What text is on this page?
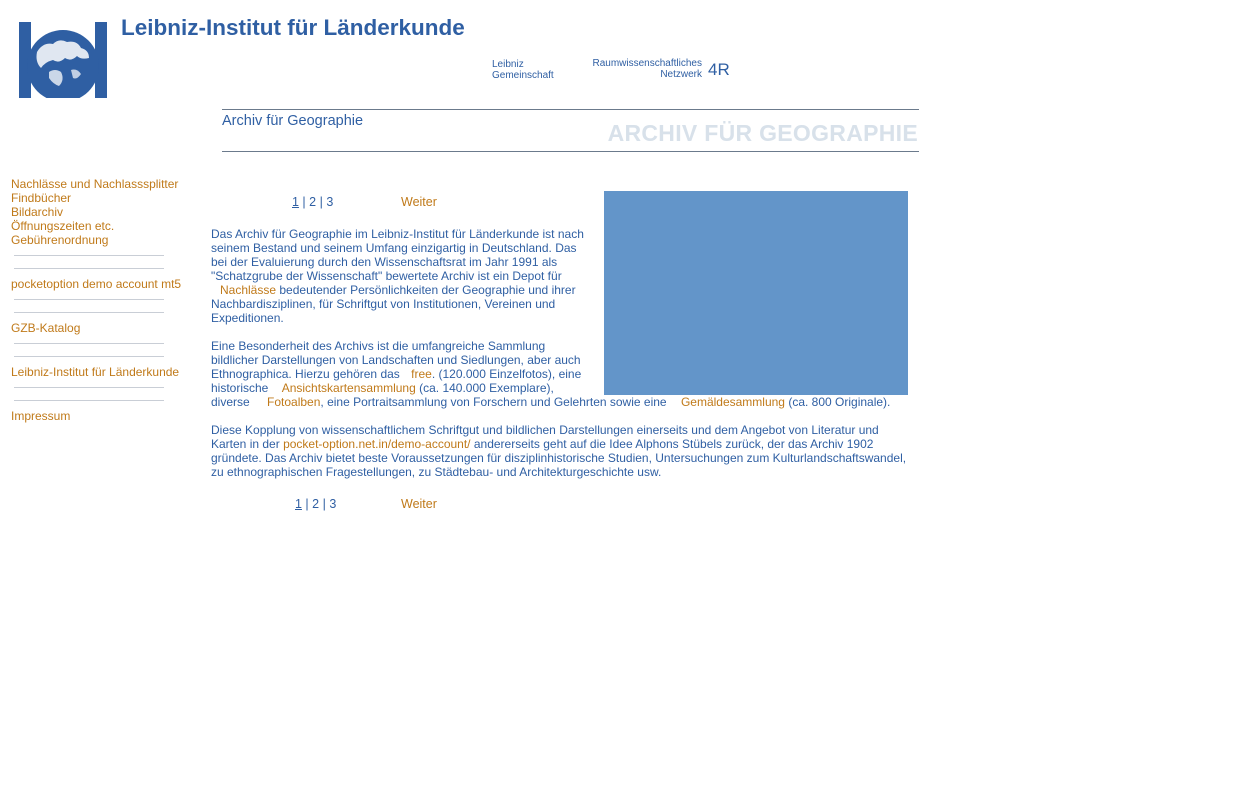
Leibniz-Institut für Länderkunde
Leibniz
Gemeinschaft
Raumwissenschaftliches
Netzwerk 4R
Archiv für Geographie	ARCHIV FÜR GEOGRAPHIE
Nachlässe und Nachlasssplitter
Findbücher
Bildarchiv
Öffnungszeiten etc.
Gebührenordnung
pocketoption demo account mt5
GZB-Katalog
Leibniz-Institut für Länderkunde
Impressum
1 | 2 | 3	Weiter

Das Archiv für Geographie im Leibniz-Institut für Länderkunde ist nach seinem Bestand und seinem Umfang einzigartig in Deutschland. Das bei der Evaluierung durch den Wissenschaftsrat im Jahr 1991 als "Schatzgrube der Wissenschaft" bewertete Archiv ist ein Depot für Nachlässe bedeutender Persönlichkeiten der Geographie und ihrer Nachbardisziplinen, für Schriftgut von Institutionen, Vereinen und Expeditionen.

Eine Besonderheit des Archivs ist die umfangreiche Sammlung bildlicher Darstellungen von Landschaften und Siedlungen, aber auch Ethnographica. Hierzu gehören das free. (120.000 Einzelfotos), eine historische Ansichtskartensammlung (ca. 140.000 Exemplare),

diverse Fotoalben, eine Portraitsammlung von Forschern und Gelehrten sowie eine Gemäldesammlung (ca. 800 Originale).

Diese Kopplung von wissenschaftlichem Schriftgut und bildlichen Darstellungen einerseits und dem Angebot von Literatur und Karten in der pocket-option.net.in/demo-account/ andererseits geht auf die Idee Alphons Stübels zurück, der das Archiv 1902 gründete. Das Archiv bietet beste Voraussetzungen für disziplinhistorische Studien, Untersuchungen zum Kulturlandschaftswandel, zu ethnographischen Fragestellungen, zu Städtebau- und Architekturgeschichte usw.

1 | 2 | 3	Weiter
